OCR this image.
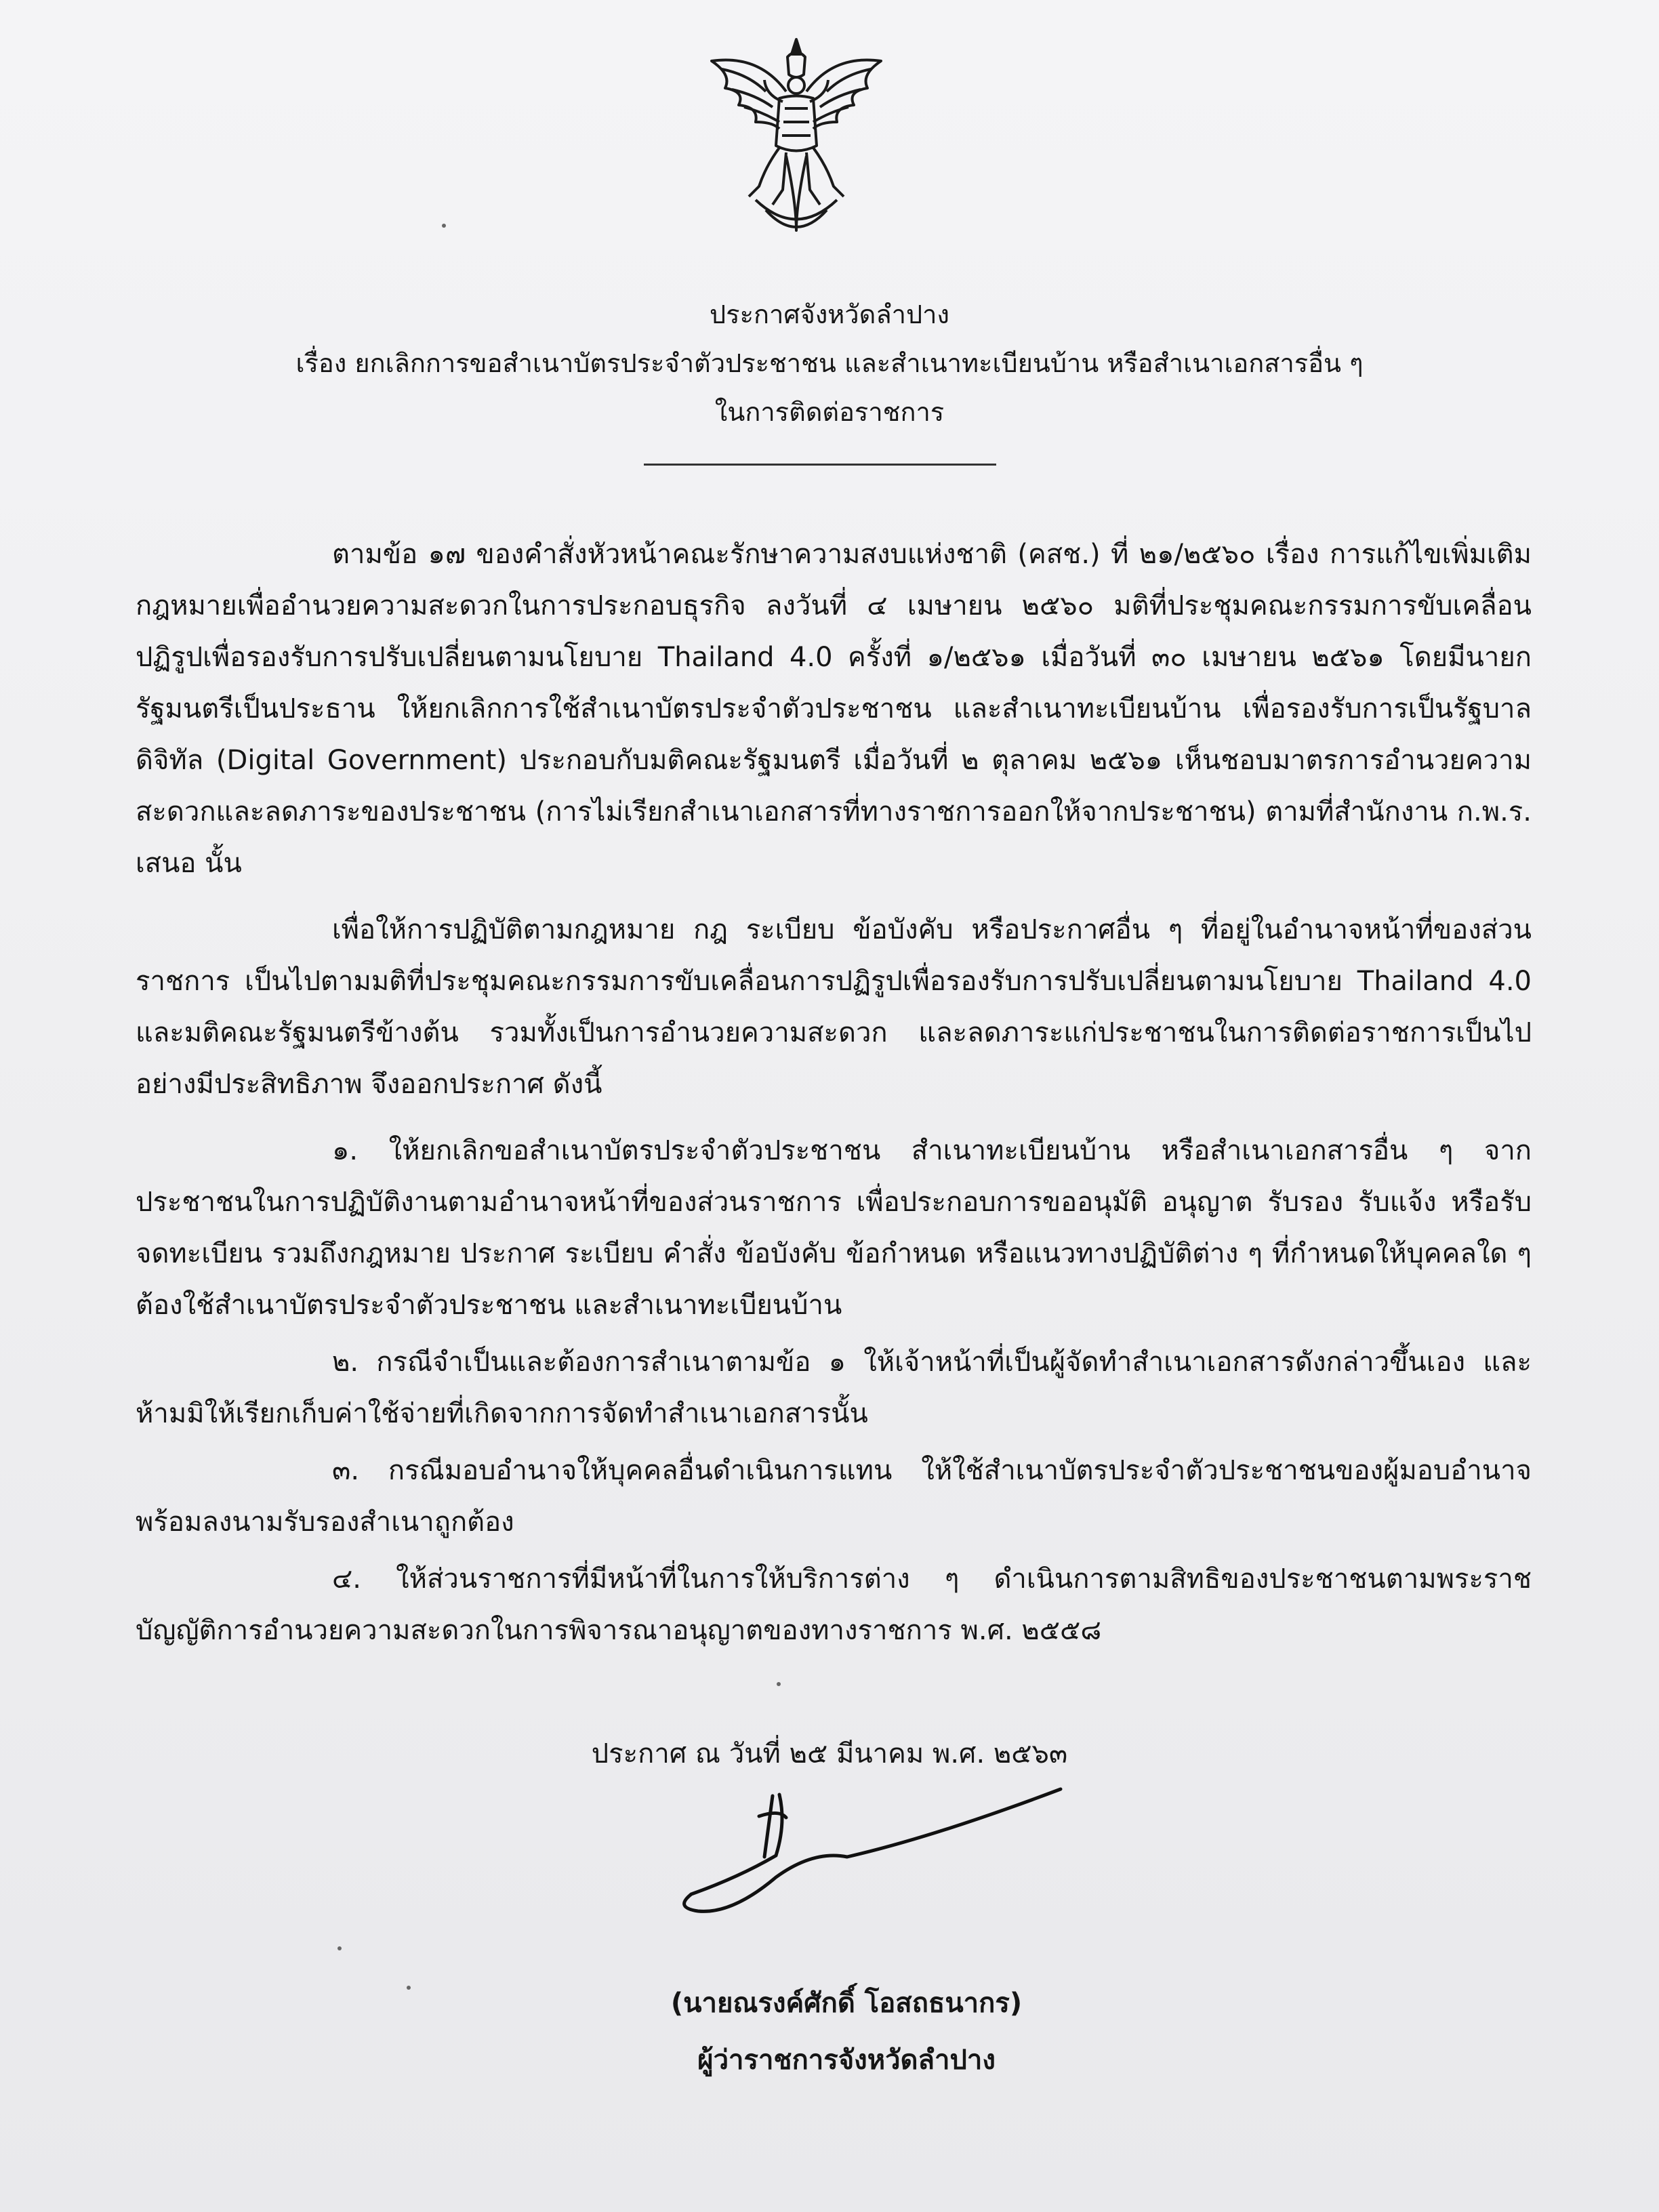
ประกาศจังหวัดลำปาง
เรื่อง ยกเลิกการขอสำเนาบัตรประจำตัวประชาชน และสำเนาทะเบียนบ้าน หรือสำเนาเอกสารอื่น ๆ
ในการติดต่อราชการ

ตามข้อ ๑๗ ของคำสั่งหัวหน้าคณะรักษาความสงบแห่งชาติ (คสช.) ที่ ๒๑/๒๕๖๐ เรื่อง การแก้ไขเพิ่มเติมกฎหมายเพื่ออำนวยความสะดวกในการประกอบธุรกิจ ลงวันที่ ๔ เมษายน ๒๕๖๐ มติที่ประชุมคณะกรรมการขับเคลื่อนปฏิรูปเพื่อรองรับการปรับเปลี่ยนตามนโยบาย Thailand 4.0 ครั้งที่ ๑/๒๕๖๑ เมื่อวันที่ ๓๐ เมษายน ๒๕๖๑ โดยมีนายกรัฐมนตรีเป็นประธาน ให้ยกเลิกการใช้สำเนาบัตรประจำตัวประชาชน และสำเนาทะเบียนบ้าน เพื่อรองรับการเป็นรัฐบาลดิจิทัล (Digital Government) ประกอบกับมติคณะรัฐมนตรี เมื่อวันที่ ๒ ตุลาคม ๒๕๖๑ เห็นชอบมาตรการอำนวยความสะดวกและลดภาระของประชาชน (การไม่เรียกสำเนาเอกสารที่ทางราชการออกให้จากประชาชน) ตามที่สำนักงาน ก.พ.ร. เสนอ นั้น

เพื่อให้การปฏิบัติตามกฎหมาย กฎ ระเบียบ ข้อบังคับ หรือประกาศอื่น ๆ ที่อยู่ในอำนาจหน้าที่ของส่วนราชการ เป็นไปตามมติที่ประชุมคณะกรรมการขับเคลื่อนการปฏิรูปเพื่อรองรับการปรับเปลี่ยนตามนโยบาย Thailand 4.0 และมติคณะรัฐมนตรีข้างต้น รวมทั้งเป็นการอำนวยความสะดวก และลดภาระแก่ประชาชนในการติดต่อราชการเป็นไปอย่างมีประสิทธิภาพ จึงออกประกาศ ดังนี้

๑. ให้ยกเลิกขอสำเนาบัตรประจำตัวประชาชน สำเนาทะเบียนบ้าน หรือสำเนาเอกสารอื่น ๆ จากประชาชนในการปฏิบัติงานตามอำนาจหน้าที่ของส่วนราชการ เพื่อประกอบการขออนุมัติ อนุญาต รับรอง รับแจ้ง หรือรับจดทะเบียน รวมถึงกฎหมาย ประกาศ ระเบียบ คำสั่ง ข้อบังคับ ข้อกำหนด หรือแนวทางปฏิบัติต่าง ๆ ที่กำหนดให้บุคคลใด ๆ ต้องใช้สำเนาบัตรประจำตัวประชาชน และสำเนาทะเบียนบ้าน

๒. กรณีจำเป็นและต้องการสำเนาตามข้อ ๑ ให้เจ้าหน้าที่เป็นผู้จัดทำสำเนาเอกสารดังกล่าวขึ้นเอง และห้ามมิให้เรียกเก็บค่าใช้จ่ายที่เกิดจากการจัดทำสำเนาเอกสารนั้น

๓. กรณีมอบอำนาจให้บุคคลอื่นดำเนินการแทน ให้ใช้สำเนาบัตรประจำตัวประชาชนของผู้มอบอำนาจ พร้อมลงนามรับรองสำเนาถูกต้อง

๔. ให้ส่วนราชการที่มีหน้าที่ในการให้บริการต่าง ๆ ดำเนินการตามสิทธิของประชาชนตามพระราชบัญญัติการอำนวยความสะดวกในการพิจารณาอนุญาตของทางราชการ พ.ศ. ๒๕๕๘

ประกาศ ณ วันที่ ๒๕ มีนาคม พ.ศ. ๒๕๖๓
(นายณรงค์ศักดิ์ โอสถธนากร)
ผู้ว่าราชการจังหวัดลำปาง
